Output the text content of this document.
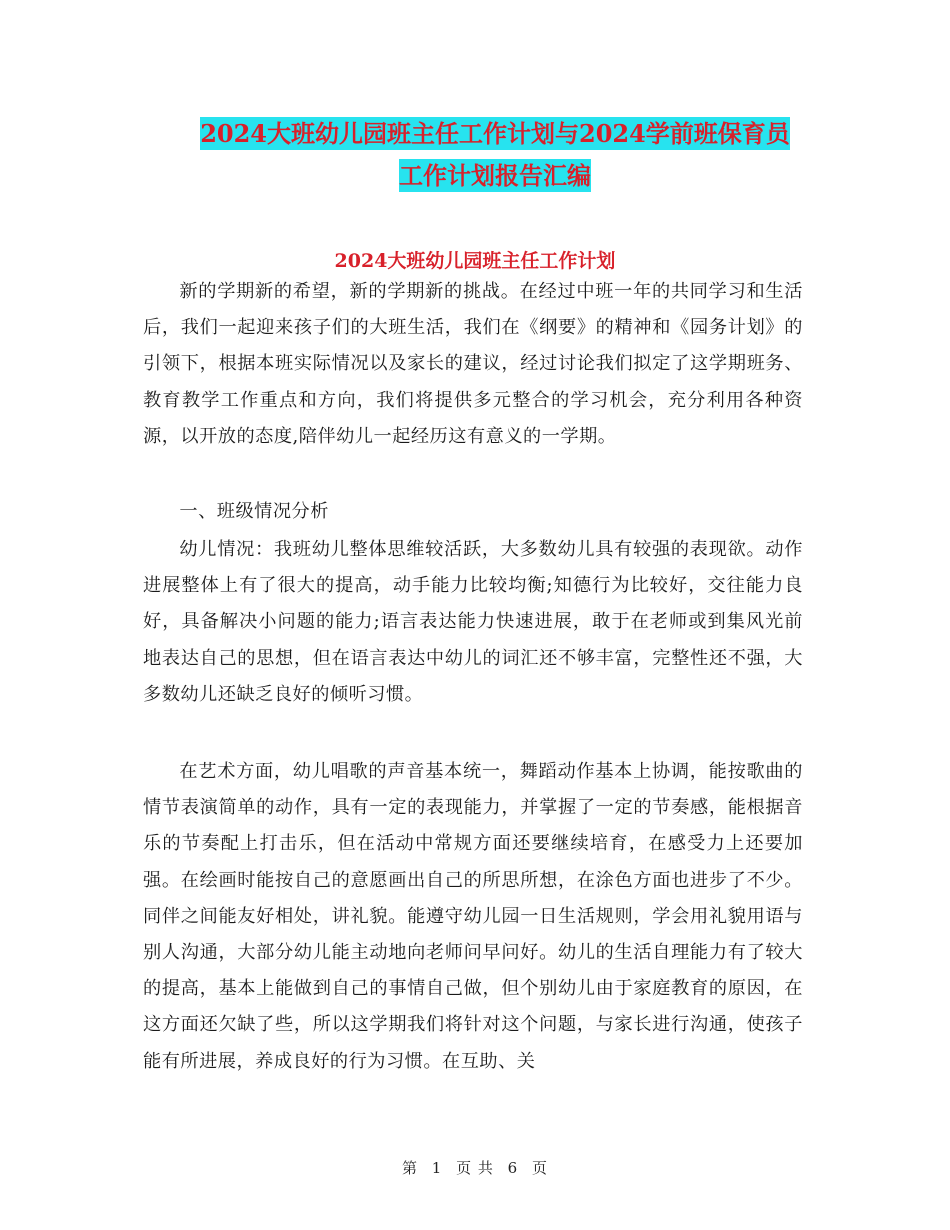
2024大班幼儿园班主任工作计划与2024学前班保育员
工作计划报告汇编
2024大班幼儿园班主任工作计划

新的学期新的希望，新的学期新的挑战。在经过中班一年的共同学习和生活后，我们一起迎来孩子们的大班生活，我们在《纲要》的精神和《园务计划》的引领下，根据本班实际情况以及家长的建议，经过讨论我们拟定了这学期班务、教育教学工作重点和方向，我们将提供多元整合的学习机会，充分利用各种资源，以开放的态度,陪伴幼儿一起经历这有意义的一学期。

一、班级情况分析

幼儿情况：我班幼儿整体思维较活跃，大多数幼儿具有较强的表现欲。动作进展整体上有了很大的提高，动手能力比较均衡;知德行为比较好，交往能力良好，具备解决小问题的能力;语言表达能力快速进展，敢于在老师或到集风光前地表达自己的思想，但在语言表达中幼儿的词汇还不够丰富，完整性还不强，大多数幼儿还缺乏良好的倾听习惯。

在艺术方面，幼儿唱歌的声音基本统一，舞蹈动作基本上协调，能按歌曲的情节表演简单的动作，具有一定的表现能力，并掌握了一定的节奏感，能根据音乐的节奏配上打击乐，但在活动中常规方面还要继续培育，在感受力上还要加强。在绘画时能按自己的意愿画出自己的所思所想，在涂色方面也进步了不少。同伴之间能友好相处，讲礼貌。能遵守幼儿园一日生活规则，学会用礼貌用语与别人沟通，大部分幼儿能主动地向老师问早问好。幼儿的生活自理能力有了较大的提高，基本上能做到自己的事情自己做，但个别幼儿由于家庭教育的原因，在这方面还欠缺了些，所以这学期我们将针对这个问题，与家长进行沟通，使孩子能有所进展，养成良好的行为习惯。在互助、关

第 1 页 共 6 页
